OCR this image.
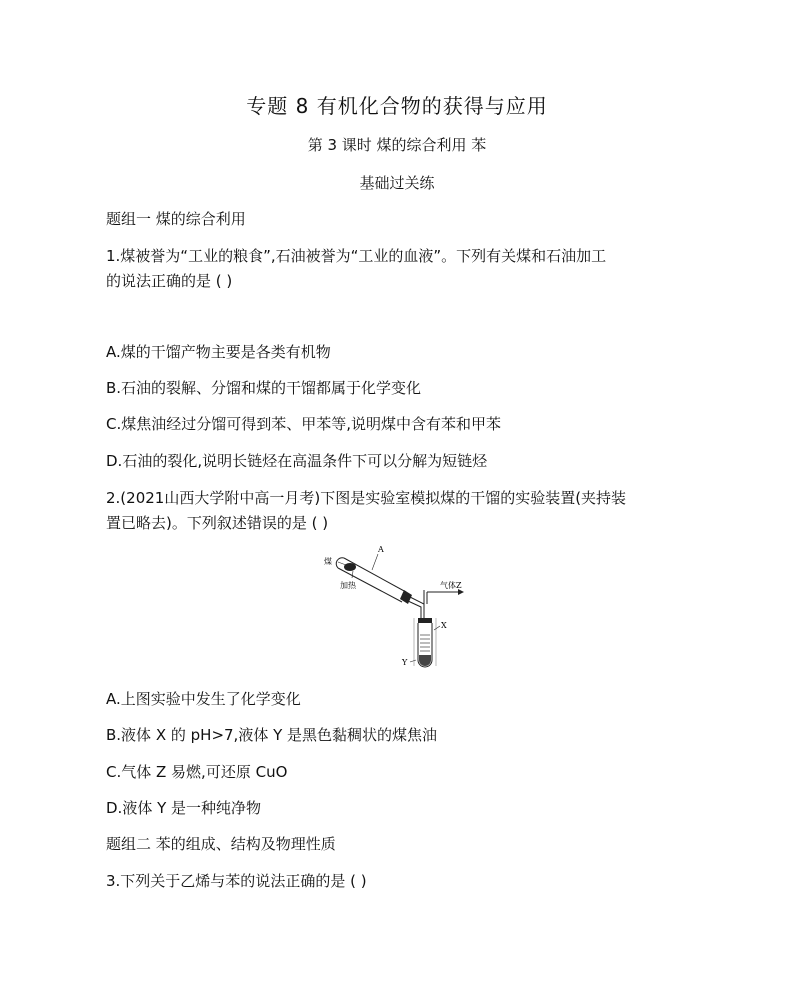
专题 8 有机化合物的获得与应用
第 3 课时 煤的综合利用 苯
基础过关练
题组一 煤的综合利用
1.煤被誉为“工业的粮食”,石油被誉为“工业的血液”。下列有关煤和石油加工
的说法正确的是 ( )
A.煤的干馏产物主要是各类有机物
B.石油的裂解、分馏和煤的干馏都属于化学变化
C.煤焦油经过分馏可得到苯、甲苯等,说明煤中含有苯和甲苯
D.石油的裂化,说明长链烃在高温条件下可以分解为短链烃
2.(2021山西大学附中高一月考)下图是实验室模拟煤的干馏的实验装置(夹持装
置已略去)。下列叙述错误的是 ( )
煤
加热
A
气体Z
X
Y
A.上图实验中发生了化学变化
B.液体 X 的 pH>7,液体 Y 是黑色黏稠状的煤焦油
C.气体 Z 易燃,可还原 CuO
D.液体 Y 是一种纯净物
题组二 苯的组成、结构及物理性质
3.下列关于乙烯与苯的说法正确的是 ( )
